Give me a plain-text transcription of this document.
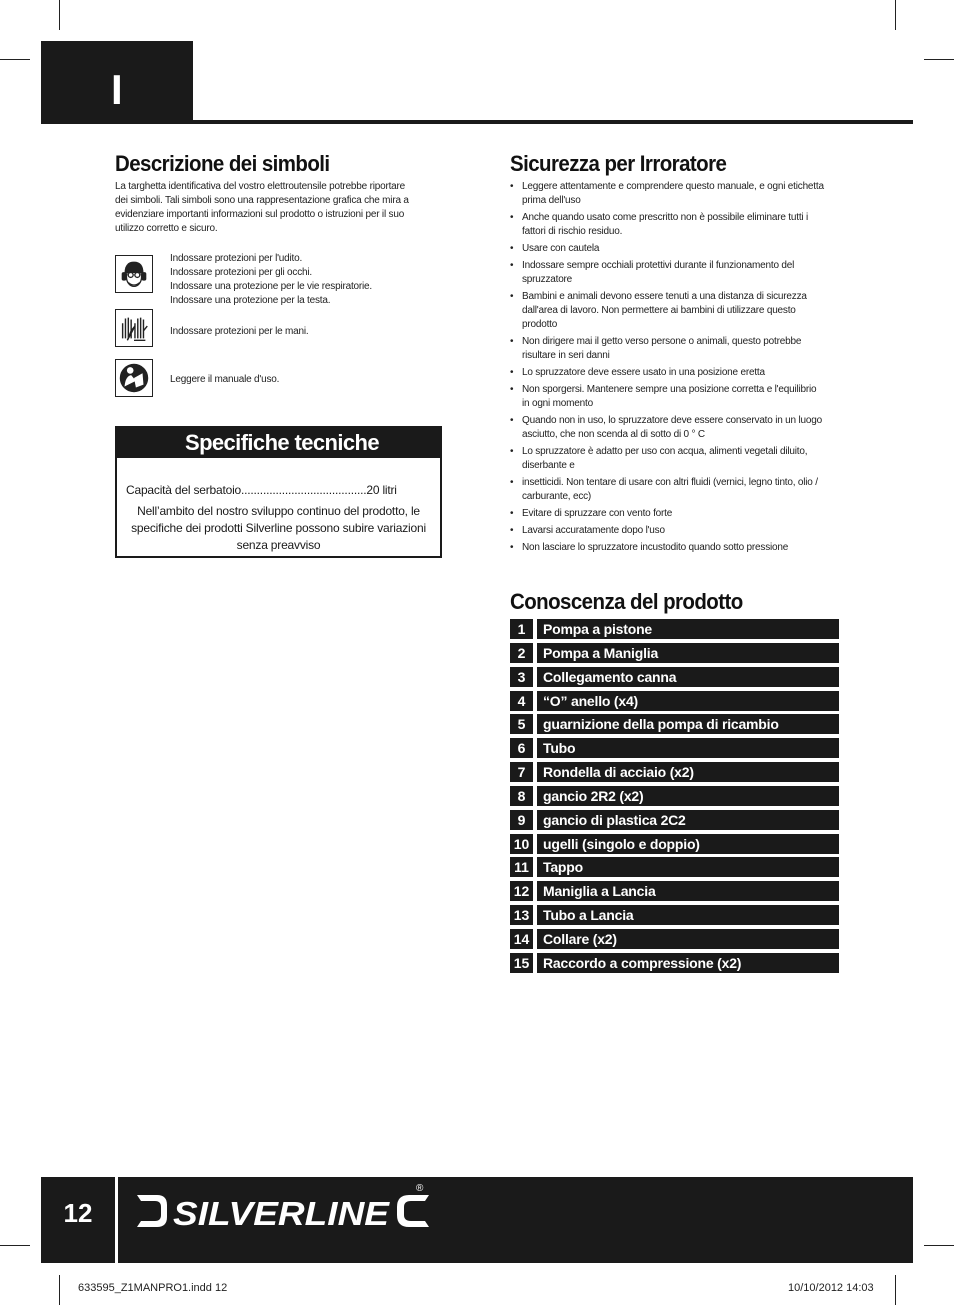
I
Descrizione dei simboli
La targhetta identificativa del vostro elettroutensile potrebbe riportare
dei simboli. Tali simboli sono una rappresentazione grafica che mira a
evidenziare importanti informazioni sul prodotto o istruzioni per il suo
utilizzo corretto e sicuro.
Indossare protezioni per l'udito.
Indossare protezioni per gli occhi.
Indossare una protezione per le vie respiratorie.
Indossare una protezione per la testa.
Indossare protezioni per le mani.
Leggere il manuale d'uso.
Specifiche tecniche
Capacità del serbatoio........................................20 litri
Nell’ambito del nostro sviluppo continuo del prodotto, le
specifiche dei prodotti Silverline possono subire variazioni
senza preavviso
Sicurezza per Irroratore
• Leggere attentamente e comprendere questo manuale, e ogni etichetta
prima dell'uso
• Anche quando usato come prescritto non è possibile eliminare tutti i
fattori di rischio residuo.
• Usare con cautela
• Indossare sempre occhiali protettivi durante il funzionamento del
spruzzatore
• Bambini e animali devono essere tenuti a una distanza di sicurezza
dall'area di lavoro. Non permettere ai bambini di utilizzare questo
prodotto
• Non dirigere mai il getto verso persone o animali, questo potrebbe
risultare in seri danni
• Lo spruzzatore deve essere usato in una posizione eretta
• Non sporgersi. Mantenere sempre una posizione corretta e l'equilibrio
in ogni momento
• Quando non in uso, lo spruzzatore deve essere conservato in un luogo
asciutto, che non scenda al di sotto di 0 ° C
• Lo spruzzatore è adatto per uso con acqua, alimenti vegetali diluito,
diserbante e
• insetticidi. Non tentare di usare con altri fluidi (vernici, legno tinto, olio /
carburante, ecc)
• Evitare di spruzzare con vento forte
• Lavarsi accuratamente dopo l'uso
• Non lasciare lo spruzzatore incustodito quando sotto pressione
Conoscenza del prodotto
1	Pompa a pistone
2	Pompa a Maniglia
3	Collegamento canna
4	“O” anello (x4)
5	guarnizione della pompa di ricambio
6	Tubo
7	Rondella di acciaio (x2)
8	gancio 2R2 (x2)
9	gancio di plastica 2C2
10 ugelli (singolo e doppio)
11	Tappo
12 Maniglia a Lancia
13 Tubo a Lancia
14 Collare (x2)
15 Raccordo a compressione (x2)
12	SILVERLINE
®
633595_Z1MANPRO1.indd 12	10/10/2012 14:03
